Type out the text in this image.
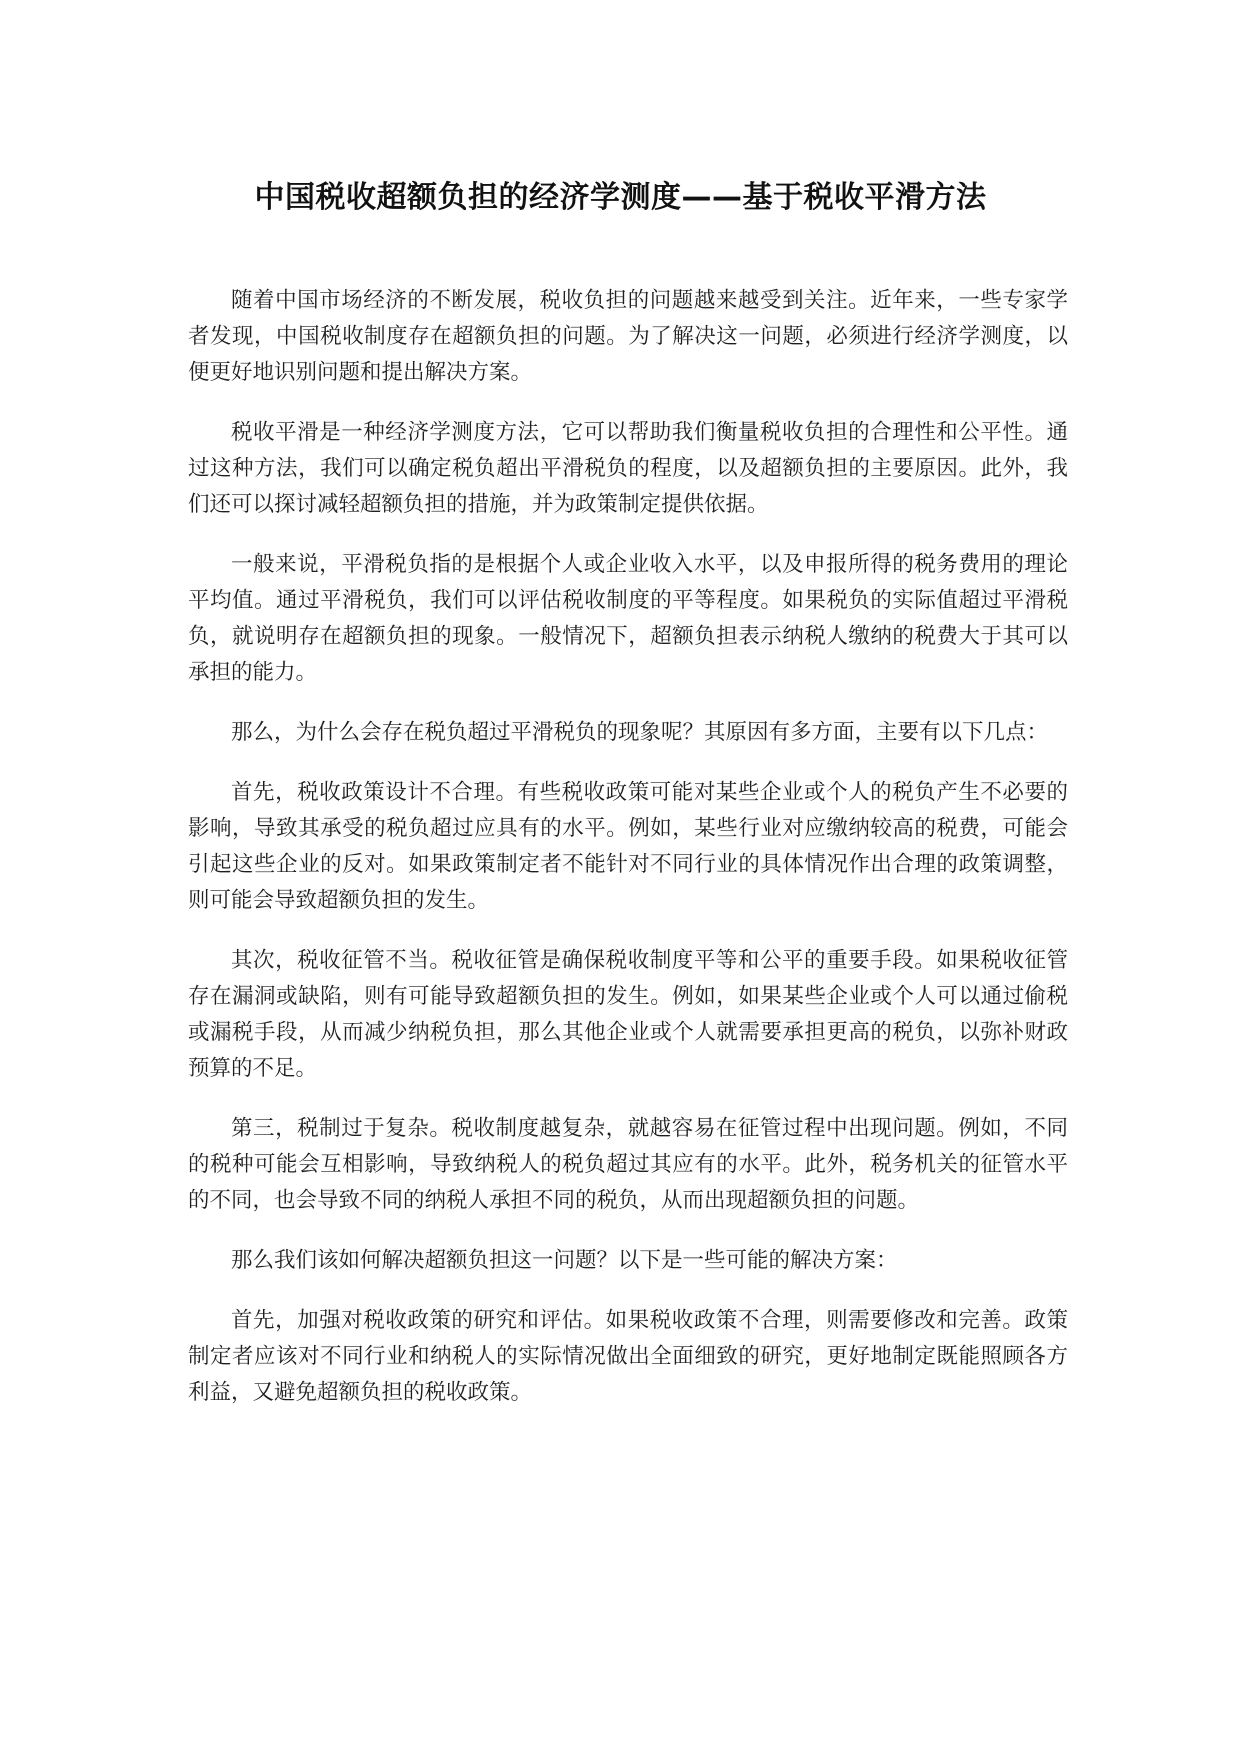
中国税收超额负担的经济学测度——基于税收平滑方法

随着中国市场经济的不断发展，税收负担的问题越来越受到关注。近年来，一些专家学者发现，中国税收制度存在超额负担的问题。为了解决这一问题，必须进行经济学测度，以便更好地识别问题和提出解决方案。

税收平滑是一种经济学测度方法，它可以帮助我们衡量税收负担的合理性和公平性。通过这种方法，我们可以确定税负超出平滑税负的程度，以及超额负担的主要原因。此外，我们还可以探讨减轻超额负担的措施，并为政策制定提供依据。

一般来说，平滑税负指的是根据个人或企业收入水平，以及申报所得的税务费用的理论平均值。通过平滑税负，我们可以评估税收制度的平等程度。如果税负的实际值超过平滑税负，就说明存在超额负担的现象。一般情况下，超额负担表示纳税人缴纳的税费大于其可以承担的能力。

那么，为什么会存在税负超过平滑税负的现象呢？其原因有多方面，主要有以下几点：

首先，税收政策设计不合理。有些税收政策可能对某些企业或个人的税负产生不必要的影响，导致其承受的税负超过应具有的水平。例如，某些行业对应缴纳较高的税费，可能会引起这些企业的反对。如果政策制定者不能针对不同行业的具体情况作出合理的政策调整，则可能会导致超额负担的发生。

其次，税收征管不当。税收征管是确保税收制度平等和公平的重要手段。如果税收征管存在漏洞或缺陷，则有可能导致超额负担的发生。例如，如果某些企业或个人可以通过偷税或漏税手段，从而减少纳税负担，那么其他企业或个人就需要承担更高的税负，以弥补财政预算的不足。

第三，税制过于复杂。税收制度越复杂，就越容易在征管过程中出现问题。例如，不同的税种可能会互相影响，导致纳税人的税负超过其应有的水平。此外，税务机关的征管水平的不同，也会导致不同的纳税人承担不同的税负，从而出现超额负担的问题。

那么我们该如何解决超额负担这一问题？以下是一些可能的解决方案：

首先，加强对税收政策的研究和评估。如果税收政策不合理，则需要修改和完善。政策制定者应该对不同行业和纳税人的实际情况做出全面细致的研究，更好地制定既能照顾各方利益，又避免超额负担的税收政策。
